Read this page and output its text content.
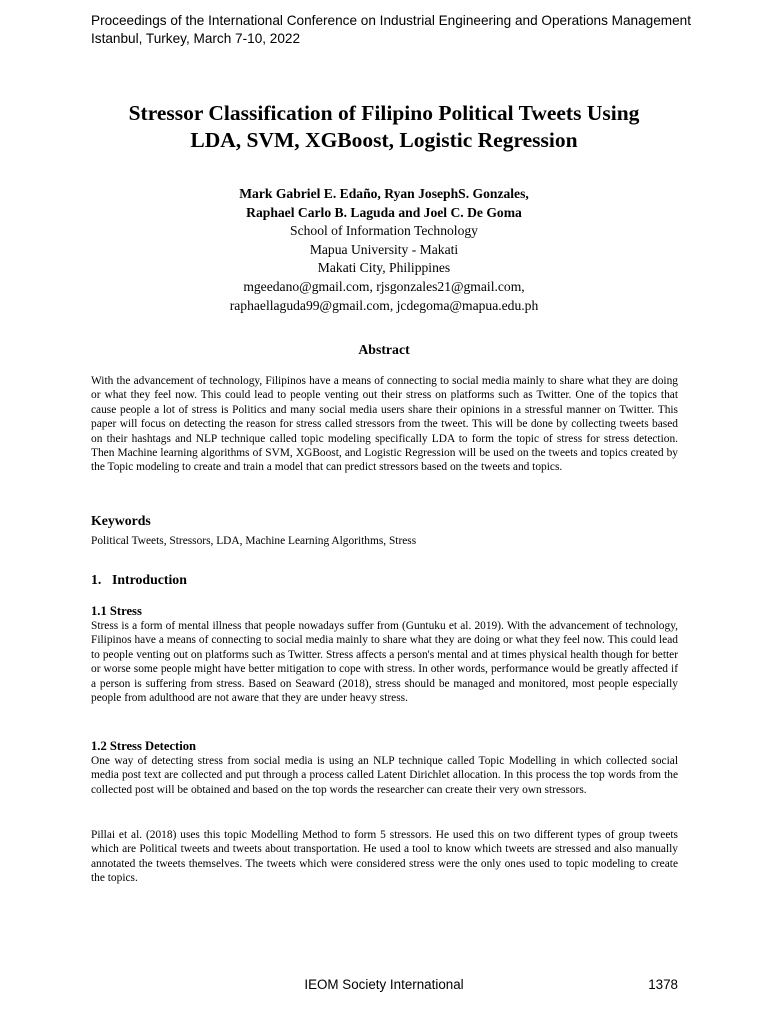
Proceedings of the International Conference on Industrial Engineering and Operations Management
Istanbul, Turkey, March 7-10, 2022
Stressor Classification of Filipino Political Tweets Using
LDA, SVM, XGBoost, Logistic Regression
Mark Gabriel E. Edaño, Ryan JosephS. Gonzales,
Raphael Carlo B. Laguda and Joel C. De Goma
School of Information Technology
Mapua University - Makati
Makati City, Philippines
mgeedano@gmail.com, rjsgonzales21@gmail.com,
raphaellaguda99@gmail.com, jcdegoma@mapua.edu.ph
Abstract
With the advancement of technology, Filipinos have a means of connecting to social media mainly to share what they are doing or what they feel now. This could lead to people venting out their stress on platforms such as Twitter. One of the topics that cause people a lot of stress is Politics and many social media users share their opinions in a stressful manner on Twitter. This paper will focus on detecting the reason for stress called stressors from the tweet. This will be done by collecting tweets based on their hashtags and NLP technique called topic modeling specifically LDA to form the topic of stress for stress detection. Then Machine learning algorithms of SVM, XGBoost, and Logistic Regression will be used on the tweets and topics created by the Topic modeling to create and train a model that can predict stressors based on the tweets and topics.
Keywords
Political Tweets, Stressors, LDA, Machine Learning Algorithms, Stress
1. Introduction
1.1 Stress
Stress is a form of mental illness that people nowadays suffer from (Guntuku et al. 2019). With the advancement of technology, Filipinos have a means of connecting to social media mainly to share what they are doing or what they feel now. This could lead to people venting out on platforms such as Twitter. Stress affects a person's mental and at times physical health though for better or worse some people might have better mitigation to cope with stress. In other words, performance would be greatly affected if a person is suffering from stress. Based on Seaward (2018), stress should be managed and monitored, most people especially people from adulthood are not aware that they are under heavy stress.
1.2 Stress Detection
One way of detecting stress from social media is using an NLP technique called Topic Modelling in which collected social media post text are collected and put through a process called Latent Dirichlet allocation. In this process the top words from the collected post will be obtained and based on the top words the researcher can create their very own stressors.
Pillai et al. (2018) uses this topic Modelling Method to form 5 stressors. He used this on two different types of group tweets which are Political tweets and tweets about transportation. He used a tool to know which tweets are stressed and also manually annotated the tweets themselves. The tweets which were considered stress were the only ones used to topic modeling to create the topics.
IEOM Society International	1378
